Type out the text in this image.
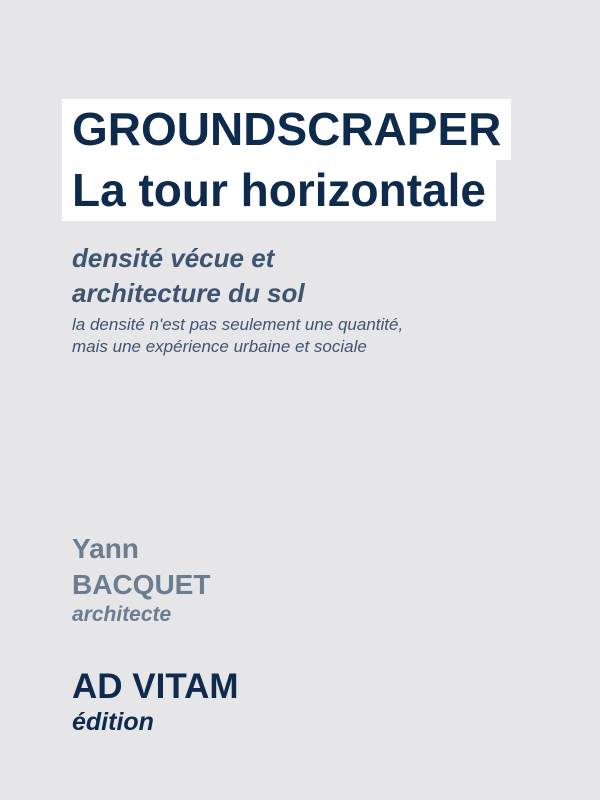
GROUNDSCRAPER
La tour horizontale
densité vécue et
architecture du sol
la densité n'est pas seulement une quantité,
mais une expérience urbaine et sociale
Yann
BACQUET
architecte
AD VITAM
édition
